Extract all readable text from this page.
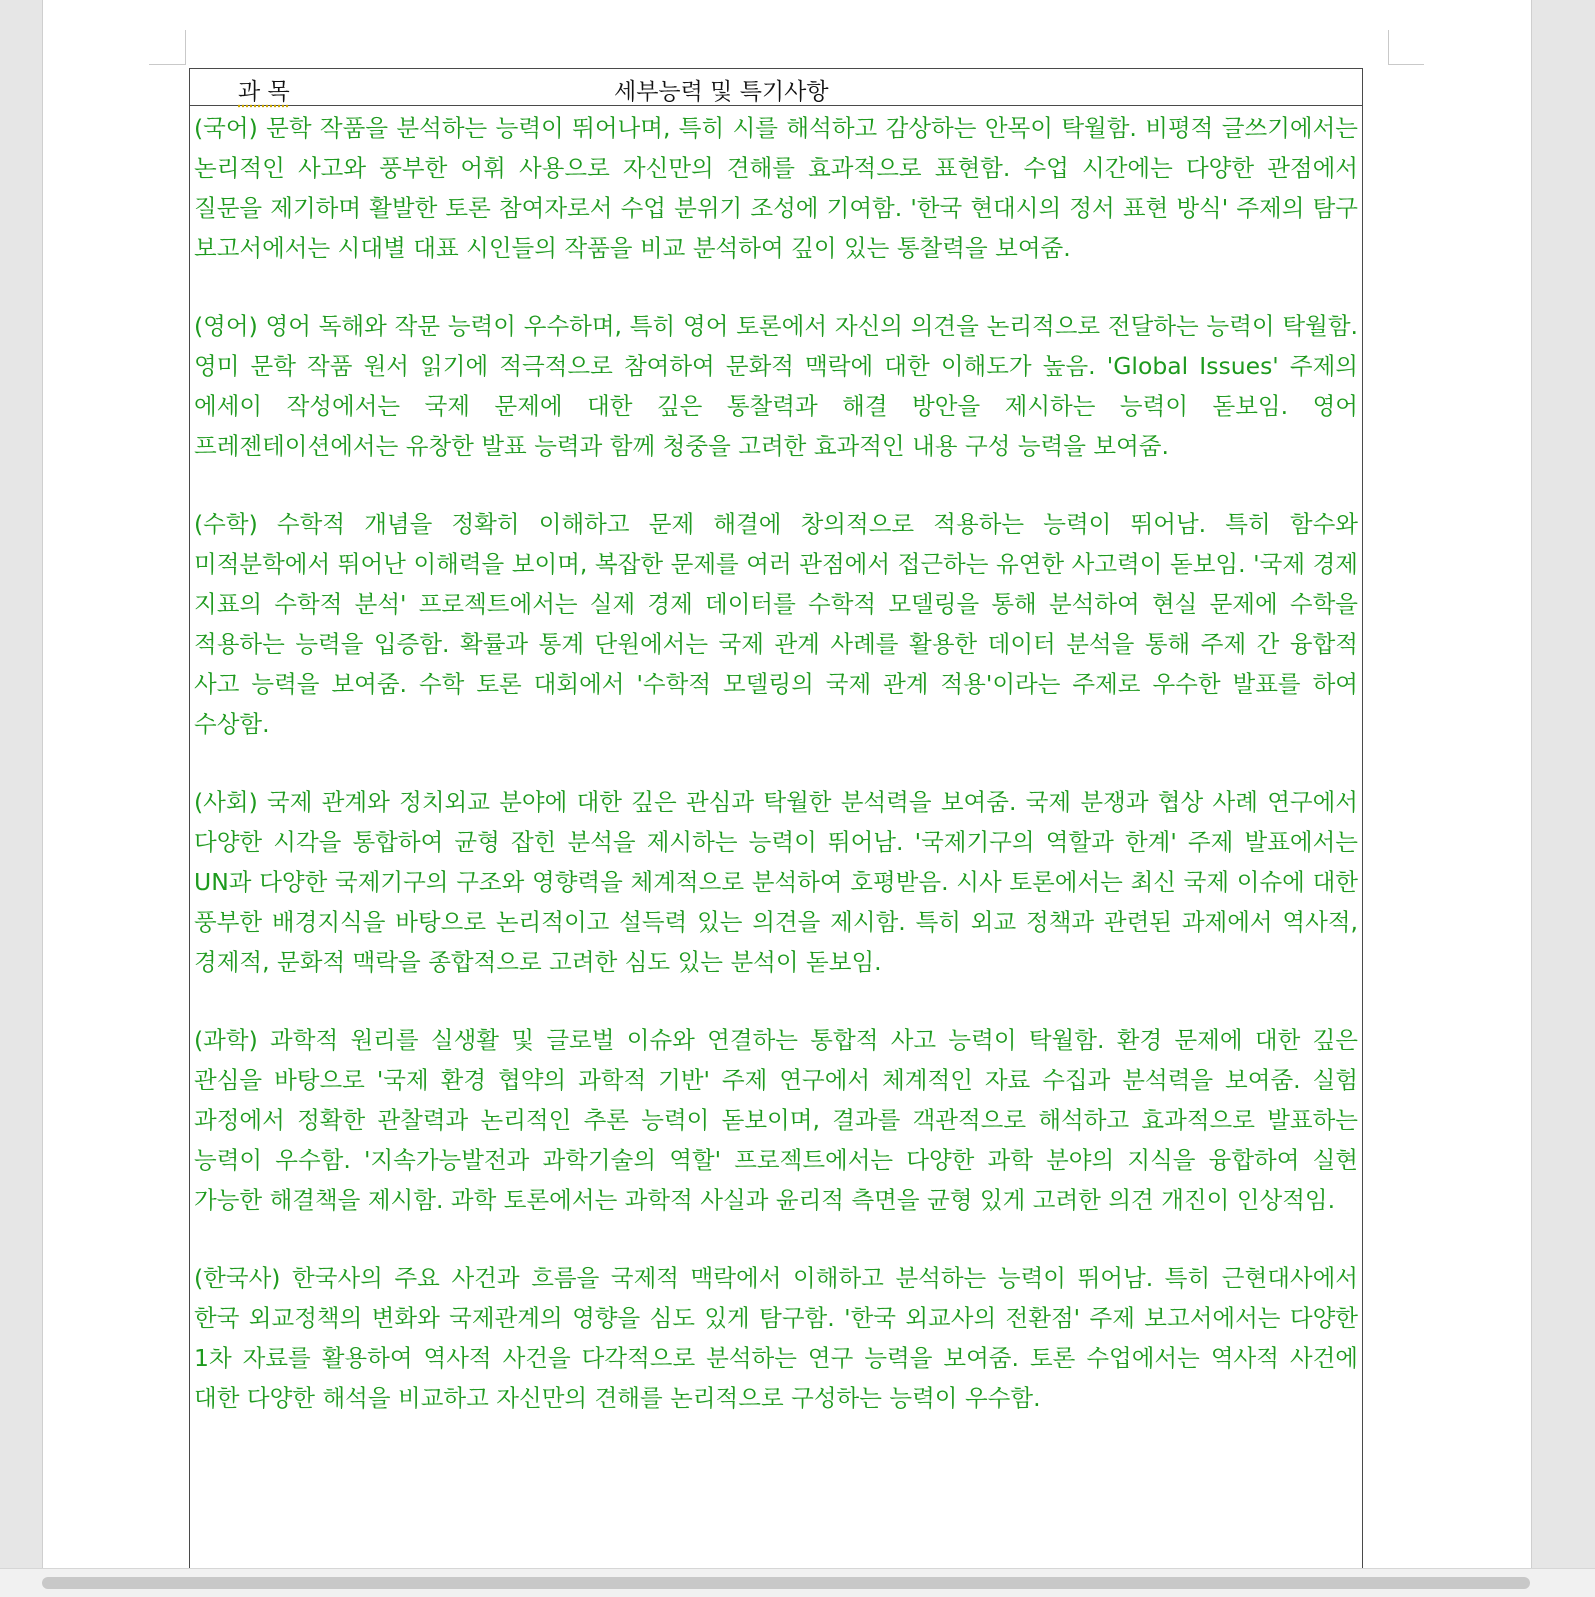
과 목	세부능력 및 특기사항

(국어) 문학 작품을 분석하는 능력이 뛰어나며, 특히 시를 해석하고 감상하는 안목이 탁월함. 비평적 글쓰기에서는 논리적인 사고와 풍부한 어휘 사용으로 자신만의 견해를 효과적으로 표현함. 수업 시간에는 다양한 관점에서 질문을 제기하며 활발한 토론 참여자로서 수업 분위기 조성에 기여함. '한국 현대시의 정서 표현 방식' 주제의 탐구 보고서에서는 시대별 대표 시인들의 작품을 비교 분석하여 깊이 있는 통찰력을 보여줌.

(영어) 영어 독해와 작문 능력이 우수하며, 특히 영어 토론에서 자신의 의견을 논리적으로 전달하는 능력이 탁월함. 영미 문학 작품 원서 읽기에 적극적으로 참여하여 문화적 맥락에 대한 이해도가 높음. 'Global Issues' 주제의 에세이 작성에서는 국제 문제에 대한 깊은 통찰력과 해결 방안을 제시하는 능력이 돋보임. 영어 프레젠테이션에서는 유창한 발표 능력과 함께 청중을 고려한 효과적인 내용 구성 능력을 보여줌.

(수학) 수학적 개념을 정확히 이해하고 문제 해결에 창의적으로 적용하는 능력이 뛰어남. 특히 함수와 미적분학에서 뛰어난 이해력을 보이며, 복잡한 문제를 여러 관점에서 접근하는 유연한 사고력이 돋보임. '국제 경제 지표의 수학적 분석' 프로젝트에서는 실제 경제 데이터를 수학적 모델링을 통해 분석하여 현실 문제에 수학을 적용하는 능력을 입증함. 확률과 통계 단원에서는 국제 관계 사례를 활용한 데이터 분석을 통해 주제 간 융합적 사고 능력을 보여줌. 수학 토론 대회에서 '수학적 모델링의 국제 관계 적용'이라는 주제로 우수한 발표를 하여 수상함.

(사회) 국제 관계와 정치외교 분야에 대한 깊은 관심과 탁월한 분석력을 보여줌. 국제 분쟁과 협상 사례 연구에서 다양한 시각을 통합하여 균형 잡힌 분석을 제시하는 능력이 뛰어남. '국제기구의 역할과 한계' 주제 발표에서는 UN과 다양한 국제기구의 구조와 영향력을 체계적으로 분석하여 호평받음. 시사 토론에서는 최신 국제 이슈에 대한 풍부한 배경지식을 바탕으로 논리적이고 설득력 있는 의견을 제시함. 특히 외교 정책과 관련된 과제에서 역사적, 경제적, 문화적 맥락을 종합적으로 고려한 심도 있는 분석이 돋보임.

(과학) 과학적 원리를 실생활 및 글로벌 이슈와 연결하는 통합적 사고 능력이 탁월함. 환경 문제에 대한 깊은 관심을 바탕으로 '국제 환경 협약의 과학적 기반' 주제 연구에서 체계적인 자료 수집과 분석력을 보여줌. 실험 과정에서 정확한 관찰력과 논리적인 추론 능력이 돋보이며, 결과를 객관적으로 해석하고 효과적으로 발표하는 능력이 우수함. '지속가능발전과 과학기술의 역할' 프로젝트에서는 다양한 과학 분야의 지식을 융합하여 실현 가능한 해결책을 제시함. 과학 토론에서는 과학적 사실과 윤리적 측면을 균형 있게 고려한 의견 개진이 인상적임.

(한국사) 한국사의 주요 사건과 흐름을 국제적 맥락에서 이해하고 분석하는 능력이 뛰어남. 특히 근현대사에서 한국 외교정책의 변화와 국제관계의 영향을 심도 있게 탐구함. '한국 외교사의 전환점' 주제 보고서에서는 다양한 1차 자료를 활용하여 역사적 사건을 다각적으로 분석하는 연구 능력을 보여줌. 토론 수업에서는 역사적 사건에 대한 다양한 해석을 비교하고 자신만의 견해를 논리적으로 구성하는 능력이 우수함.
